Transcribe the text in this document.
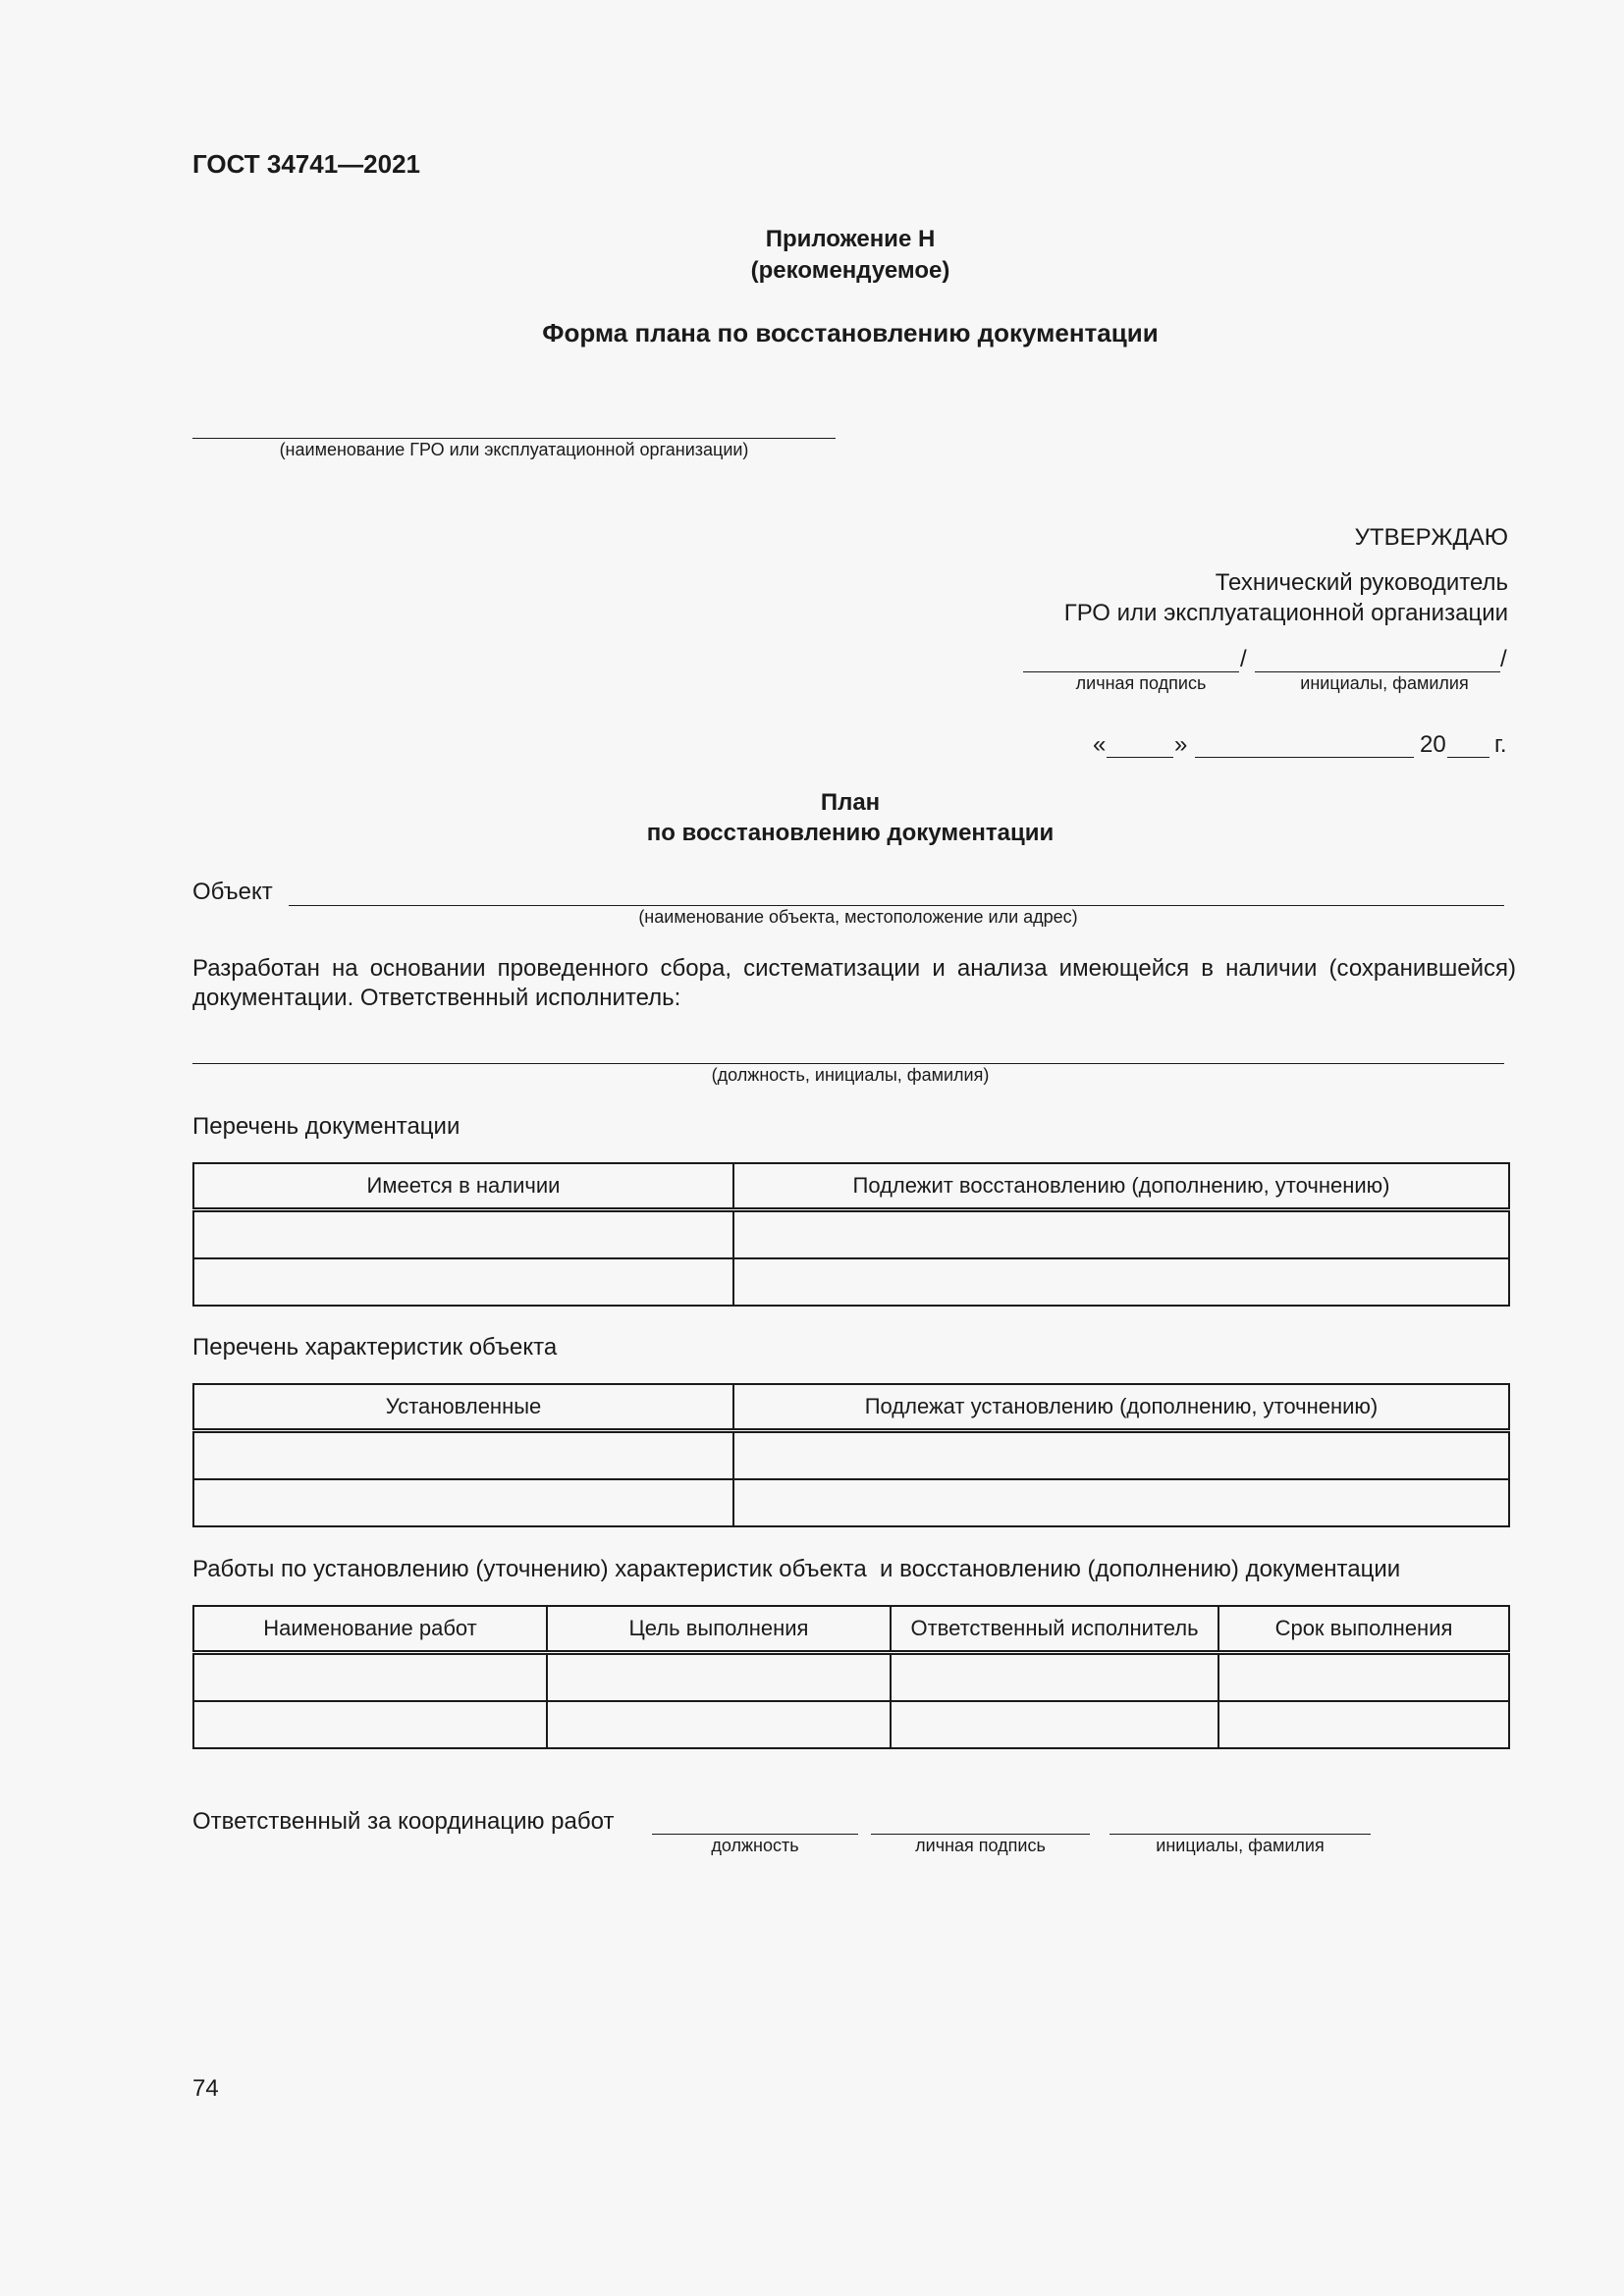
ГОСТ 34741—2021
Приложение Н
(рекомендуемое)
Форма плана по восстановлению документации
(наименование ГРО или эксплуатационной организации)
УТВЕРЖДАЮ
Технический руководитель
ГРО или эксплуатационной организации
/	/
личная подпись	инициалы, фамилия
«	»	20 г.
План
по восстановлению документации
Объект
(наименование объекта, местоположение или адрес)
Разработан на основании проведенного сбора, систематизации и анализа имеющейся в наличии (сохранившейся) документации. Ответственный исполнитель:
(должность, инициалы, фамилия)
Перечень документации
Имеется в наличии	Подлежит восстановлению (дополнению, уточнению)

Перечень характеристик объекта
Установленные	Подлежат установлению (дополнению, уточнению)

Работы по установлению (уточнению) характеристик объекта  и восстановлению (дополнению) документации
Наименование работ	Цель выполнения	Ответственный исполнитель	Срок выполнения

Ответственный за координацию работ
должность	личная подпись	инициалы, фамилия
74
